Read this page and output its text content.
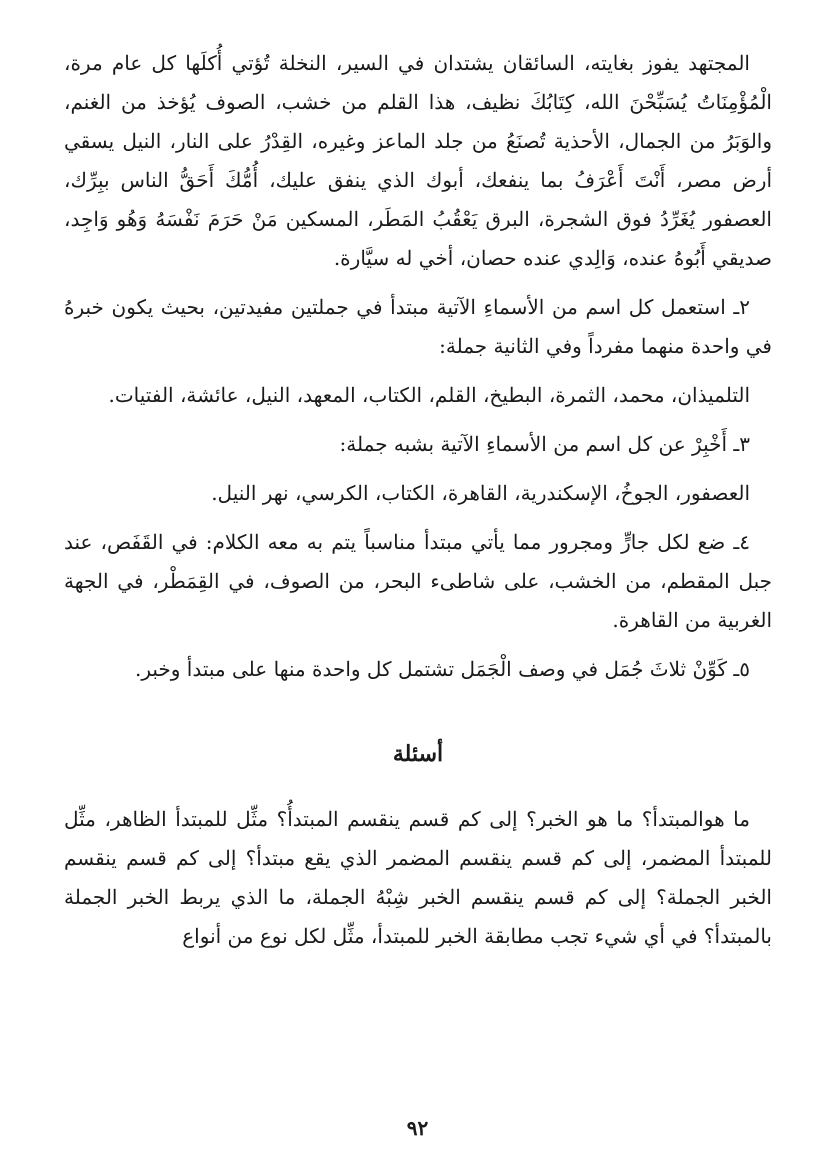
المجتهد يفوز بغايته، السائقان يشتدان في السير، النخلة تُؤتي أُكلَها كل عام مرة، الْمُؤْمِنَاتُ يُسَبِّحْنَ الله، كِتَابُكَ نظيف، هذا القلم من خشب، الصوف يُؤخذ من الغنم، والوَبَرُ من الجمال، الأحذية تُصنَعُ من جلد الماعز وغيره، القِدْرُ على النار، النيل يسقي أرض مصر، أَنْتَ أَعْرَفُ بما ينفعك، أبوك الذي ينفق عليك، أُمُّكَ أَحَقُّ الناس ببِرِّك، العصفور يُغَرِّدُ فوق الشجرة، البرق يَعْقُبُ المَطَر، المسكين مَنْ حَرَمَ نَفْسَهُ وَهُو وَاجِد، صديقي أَبُوهُ عنده، وَالِدي عنده حصان، أخي له سيَّارة.

٢ـ استعمل كل اسم من الأسماءِ الآتية مبتدأ في جملتين مفيدتين، بحيث يكون خبرهُ في واحدة منهما مفرداً وفي الثانية جملة:

التلميذان، محمد، الثمرة، البطيخ، القلم، الكتاب، المعهد، النيل، عائشة، الفتيات.

٣ـ أَخْبِرْ عن كل اسم من الأسماءِ الآتية بشبه جملة:

العصفور، الجوخُ، الإسكندرية، القاهرة، الكتاب، الكرسي، نهر النيل.

٤ـ ضع لكل جارٍّ ومجرور مما يأتي مبتدأ مناسباً يتم به معه الكلام: في القَفَص، عند جبل المقطم، من الخشب، على شاطىء البحر، من الصوف، في القِمَطْر، في الجهة الغربية من القاهرة.

٥ـ كَوِّنْ ثلاثَ جُمَل في وصف الْجَمَل تشتمل كل واحدة منها على مبتدأ وخبر.

أسئلة

ما هوالمبتدأ؟ ما هو الخبر؟ إلى كم قسم ينقسم المبتدأُ؟ مثِّل للمبتدأ الظاهر، مثِّل للمبتدأ المضمر، إلى كم قسم ينقسم المضمر الذي يقع مبتدأ؟ إلى كم قسم ينقسم الخبر الجملة؟ إلى كم قسم ينقسم الخبر شِبْهُ الجملة، ما الذي يربط الخبر الجملة بالمبتدأ؟ في أي شيء تجب مطابقة الخبر للمبتدأ، مثِّل لكل نوع من أنواع

٩٢
